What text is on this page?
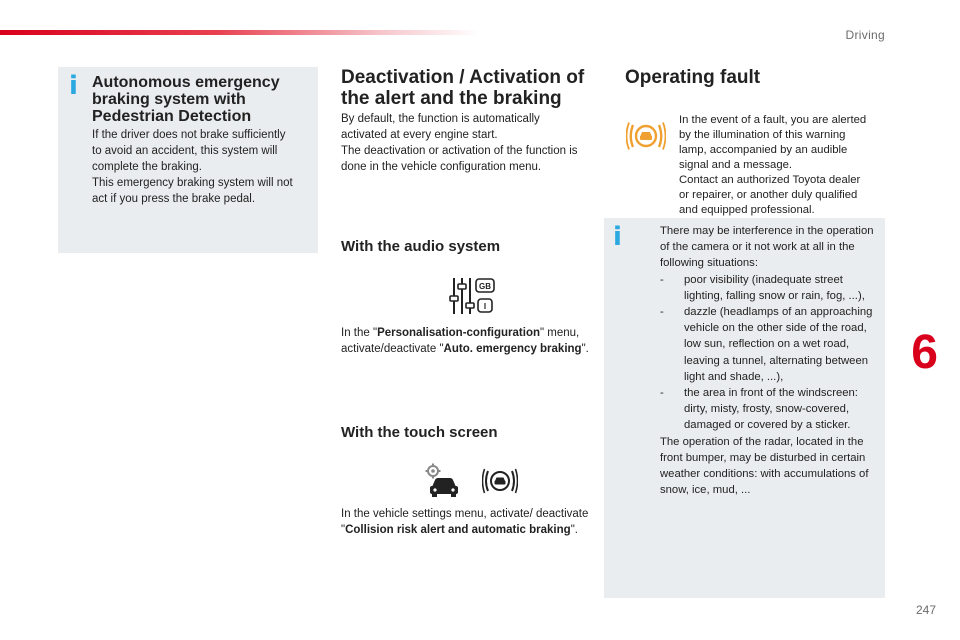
Driving
i Autonomous emergency braking system with Pedestrian Detection
If the driver does not brake sufficiently
to avoid an accident, this system will
complete the braking.
This emergency braking system will not
act if you press the brake pedal.
Deactivation / Activation of
the alert and the braking
By default, the function is automatically
activated at every engine start.
The deactivation or activation of the function is
done in the vehicle configuration menu.
With the audio system
GB
I
In the "Personalisation-configuration" menu, activate/deactivate "Auto. emergency braking".
With the touch screen
In the vehicle settings menu, activate/ deactivate "Collision risk alert and automatic braking".
Operating fault
In the event of a fault, you are alerted
by the illumination of this warning
lamp, accompanied by an audible
signal and a message.
Contact an authorized Toyota dealer
or repairer, or another duly qualified
and equipped professional.
i	There may be interference in the operation of the camera or it not work at all in the following situations:
- poor visibility (inadequate street lighting, falling snow or rain, fog, ...),
- dazzle (headlamps of an approaching vehicle on the other side of the road, low sun, reflection on a wet road, leaving a tunnel, alternating between light and shade, ...),
- the area in front of the windscreen: dirty, misty, frosty, snow-covered, damaged or covered by a sticker.
The operation of the radar, located in the front bumper, may be disturbed in certain weather conditions: with accumulations of snow, ice, mud, ...
6
247
